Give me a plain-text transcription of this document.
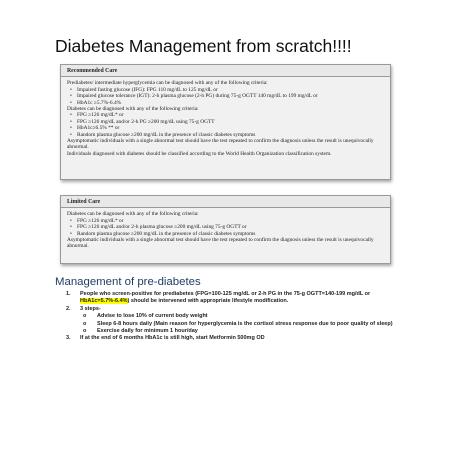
Diabetes Management from scratch!!!!
Recommended Care

Prediabetes/ intermediate hyperglycemia can be diagnosed with any of the following criteria:

• Impaired fasting glucose (IFG): FPG 110 mg/dL to 125 mg/dL or
• Impaired glucose tolerance (IGT): 2-h plasma glucose (2-h PG) during 75-g OGTT 140 mg/dL to 199 mg/dL or
• HbA1c ≥5.7%-6.4%

Diabetes can be diagnosed with any of the following criteria:

• FPG ≥126 mg/dL* or
• FPG ≥126 mg/dL and/or 2-h PG ≥200 mg/dL using 75-g OGTT
• HbA1c≥6.5% ** or
• Random plasma glucose ≥200 mg/dL in the presence of classic diabetes symptoms

Asymptomatic individuals with a single abnormal test should have the test repeated to confirm the diagnosis unless the result is unequivocally abnormal.

Individuals diagnosed with diabetes should be classified according to the World Health Organization classification system.

Limited Care

Diabetes can be diagnosed with any of the following criteria:

• FPG ≥126 mg/dL* or
• FPG ≥126 mg/dL and/or 2-h plasma glucose ≥200 mg/dL using 75-g OGTT or
• Random plasma glucose ≥200 mg/dL in the presence of classic diabetes symptoms

Asymptomatic individuals with a single abnormal test should have the test repeated to confirm the diagnosis unless the result is unequivocally abnormal.

Management of pre-diabetes
1. People who screen-positive for prediabetes (FPG=100-125 mg/dL or 2-h PG in the 75-g OGTT=140-199 mg/dL or HbA1c=5.7%-6.4%) should be intervened with appropriate lifestyle modification.
2. 3 steps-
o Advise to lose 10% of current body weight
o Sleep 6-8 hours daily (Main reason for hyperglycemia is the cortisol stress response due to poor quality of sleep)
o Exercise daily for minimum 1 hour/day
3. If at the end of 6 months HbA1c is still high, start Metformin 500mg OD
